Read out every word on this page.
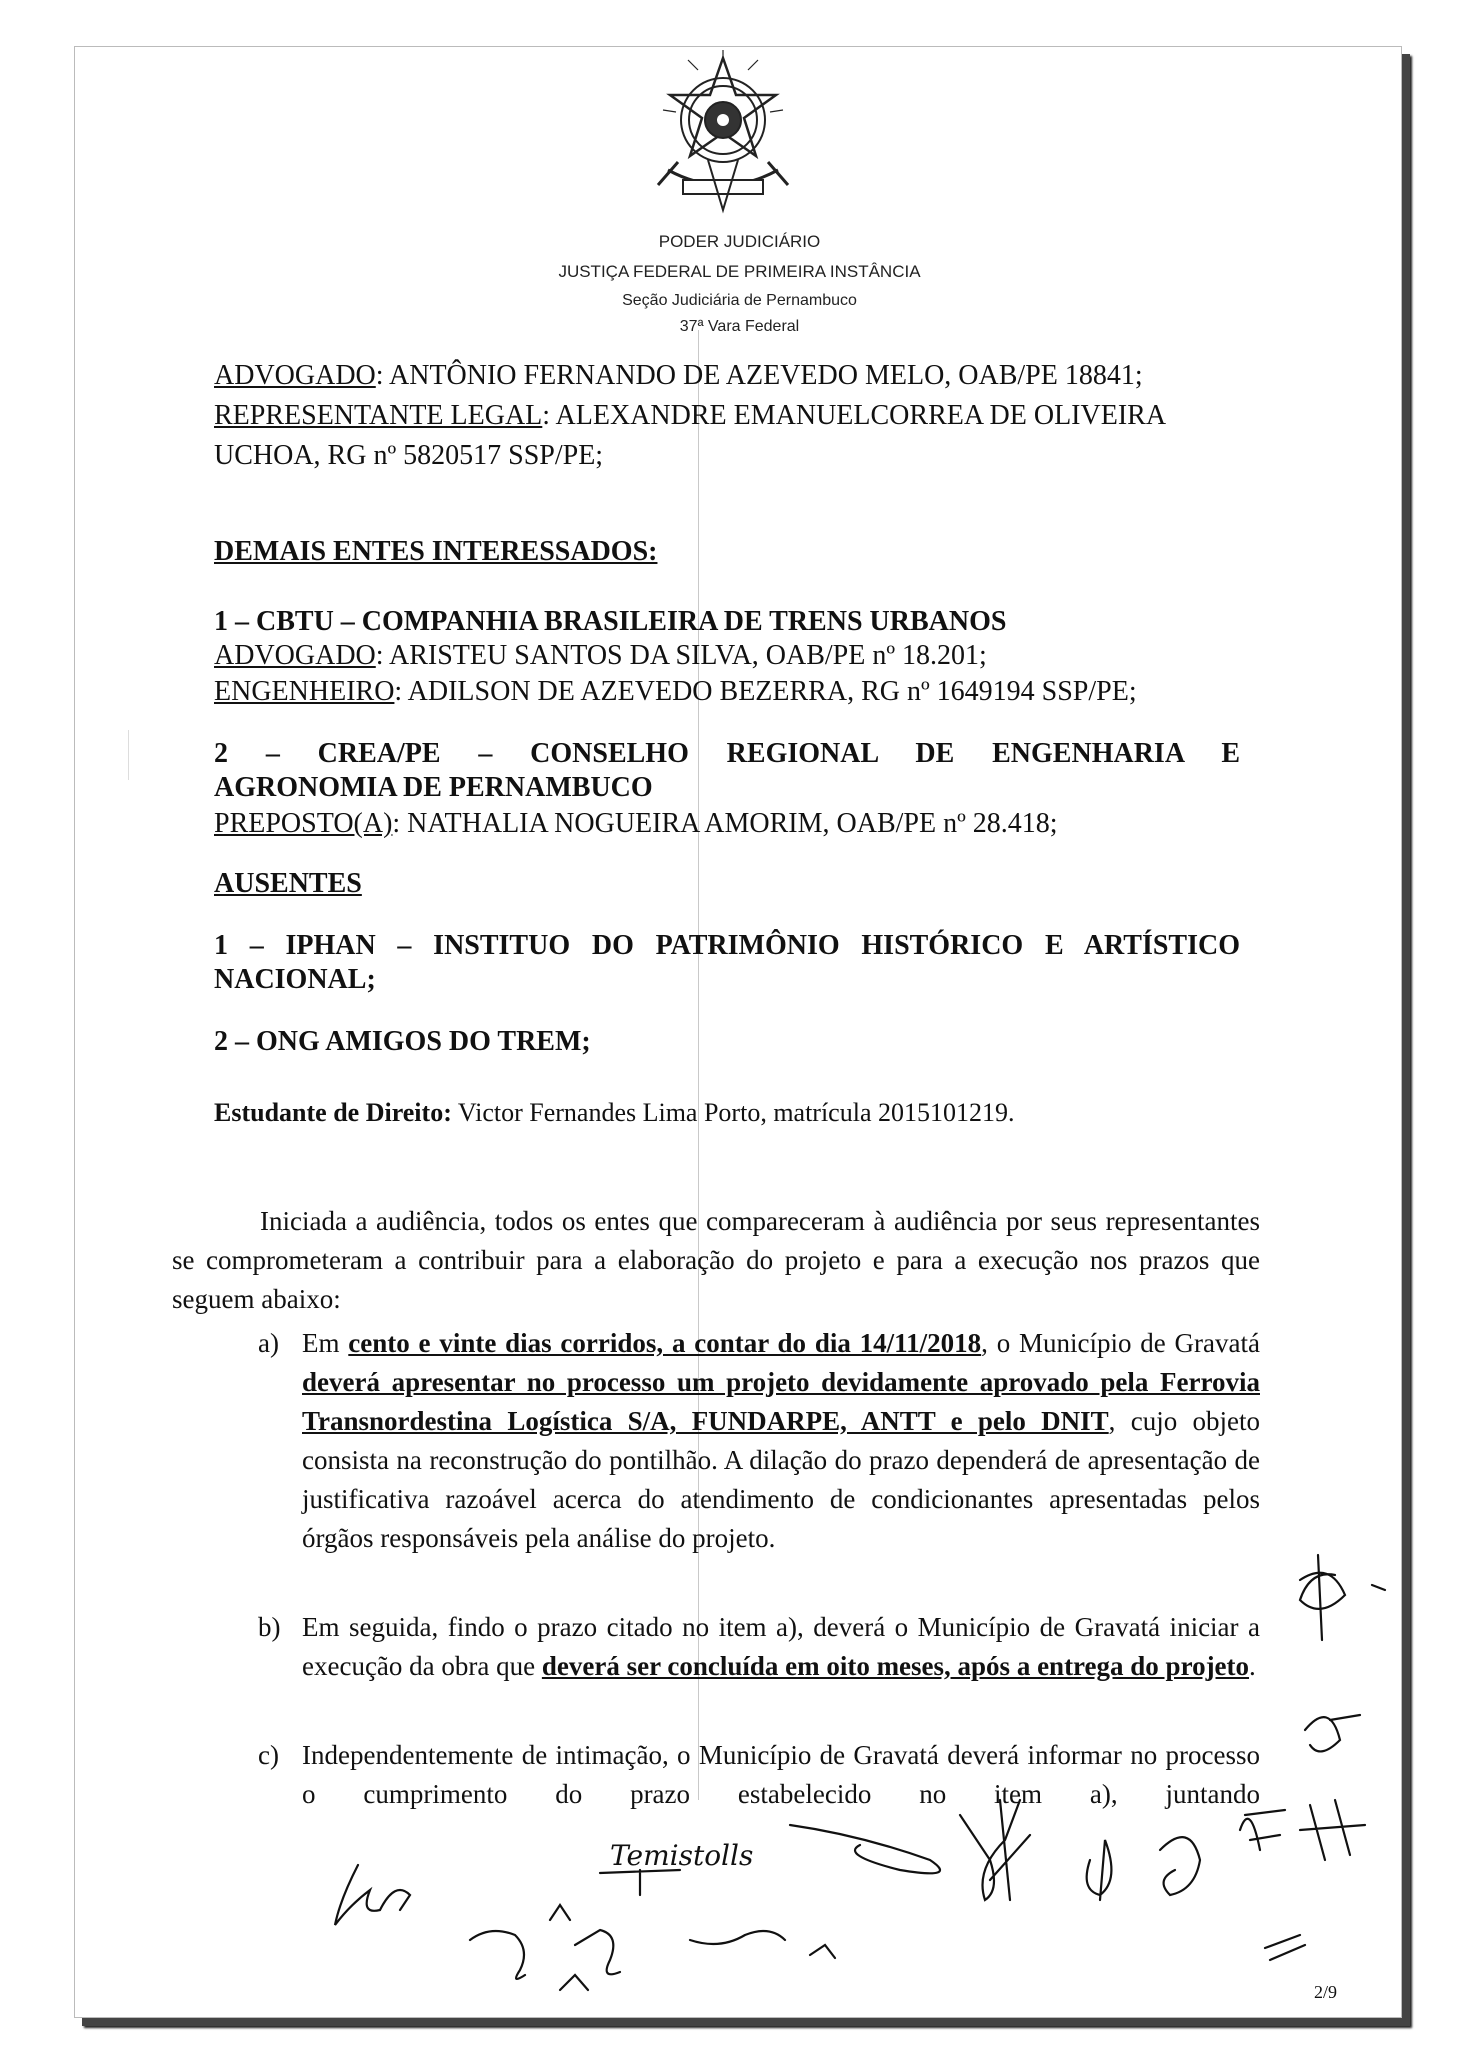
PODER JUDICIÁRIO
JUSTIÇA FEDERAL DE PRIMEIRA INSTÂNCIA
Seção Judiciária de Pernambuco
37ª Vara Federal
ADVOGADO: ANTÔNIO FERNANDO DE AZEVEDO MELO, OAB/PE 18841;
REPRESENTANTE LEGAL: ALEXANDRE EMANUELCORREA DE OLIVEIRA
UCHOA, RG nº 5820517 SSP/PE;
DEMAIS ENTES INTERESSADOS:
1 – CBTU – COMPANHIA BRASILEIRA DE TRENS URBANOS
ADVOGADO: ARISTEU SANTOS DA SILVA, OAB/PE nº 18.201;
ENGENHEIRO: ADILSON DE AZEVEDO BEZERRA, RG nº 1649194 SSP/PE;
2 – CREA/PE – CONSELHO REGIONAL DE ENGENHARIA E
AGRONOMIA DE PERNAMBUCO
PREPOSTO(A): NATHALIA NOGUEIRA AMORIM, OAB/PE nº 28.418;
AUSENTES
1 – IPHAN – INSTITUO DO PATRIMÔNIO HISTÓRICO E ARTÍSTICO
NACIONAL;
2 – ONG AMIGOS DO TREM;
Estudante de Direito: Victor Fernandes Lima Porto, matrícula 2015101219.
Iniciada a audiência, todos os entes que compareceram à audiência por seus representantes se comprometeram a contribuir para a elaboração do projeto e para a execução nos prazos que seguem abaixo:
a) Em cento e vinte dias corridos, a contar do dia 14/11/2018, o Município de Gravatá deverá apresentar no processo um projeto devidamente aprovado pela Ferrovia Transnordestina Logística S/A, FUNDARPE, ANTT e pelo DNIT, cujo objeto consista na reconstrução do pontilhão. A dilação do prazo dependerá de apresentação de justificativa razoável acerca do atendimento de condicionantes apresentadas pelos órgãos responsáveis pela análise do projeto.
b) Em seguida, findo o prazo citado no item a), deverá o Município de Gravatá iniciar a execução da obra que deverá ser concluída em oito meses, após a entrega do projeto.
c) Independentemente de intimação, o Município de Gravatá deverá informar no processo o cumprimento do prazo estabelecido no item a), juntando
Temistolls
2/9
